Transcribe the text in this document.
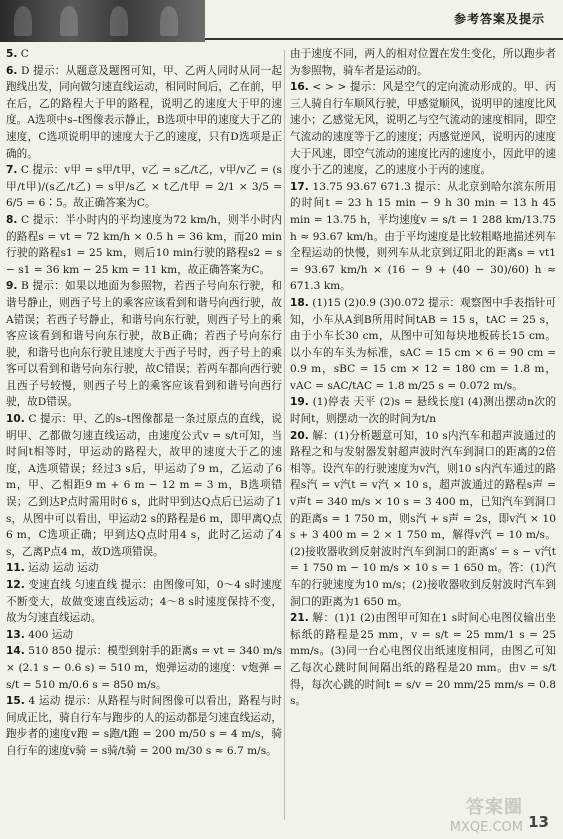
参考答案及提示
5. C
6. D 提示：从题意及题图可知，甲、乙两人同时从同一起跑线出发，同向做匀速直线运动，相同时间后，乙在前，甲在后，乙的路程大于甲的路程，说明乙的速度大于甲的速度。A选项中s–t图像表示静止，B选项中甲的速度大于乙的速度，C选项说明甲的速度大于乙的速度，只有D选项是正确的。
7. C 提示：v甲 = s甲/t甲，v乙 = s乙/t乙，v甲/v乙 = (s甲/t甲)/(s乙/t乙) = s甲/s乙 × t乙/t甲 = 2/1 × 3/5 = 6/5 = 6∶5。故正确答案为C。
8. C 提示：半小时内的平均速度为72 km/h，则半小时内的路程s = vt = 72 km/h × 0.5 h = 36 km，而20 min行驶的路程s1 = 25 km，则后10 min行驶的路程s2 = s − s1 = 36 km − 25 km = 11 km，故正确答案为C。
9. B 提示：如果以地面为参照物，若西子号向东行驶，和谐号静止，则西子号上的乘客应该看到和谐号向西行驶，故A错误；若西子号静止，和谐号向东行驶，则西子号上的乘客应该看到和谐号向东行驶，故B正确；若西子号向东行驶，和谐号也向东行驶且速度大于西子号时，西子号上的乘客可以看到和谐号向东行驶，故C错误；若两车都向西行驶且西子号较慢，则西子号上的乘客应该看到和谐号向西行驶，故D错误。
10. C 提示：甲、乙的s–t图像都是一条过原点的直线，说明甲、乙都做匀速直线运动，由速度公式v = s/t可知，当时间t相等时，甲运动的路程大，故甲的速度大于乙的速度，A选项错误；经过3 s后，甲运动了9 m，乙运动了6 m，甲、乙相距9 m + 6 m − 12 m = 3 m，B选项错误；乙到达P点时需用时6 s，此时甲到达Q点后已运动了1 s，从图中可以看出，甲运动2 s的路程是6 m，即甲离Q点6 m，C选项正确；甲到达Q点时用4 s，此时乙运动了4 s，乙离P点4 m，故D选项错误。
11. 运动 运动 运动
12. 变速直线 匀速直线 提示：由图像可知，0～4 s时速度不断变大，故做变速直线运动；4～8 s时速度保持不变，故为匀速直线运动。
13. 400 运动
14. 510 850 提示：模型到射手的距离s = vt = 340 m/s × (2.1 s − 0.6 s) = 510 m，炮弹运动的速度：v炮弹 = s/t = 510 m/0.6 s = 850 m/s。
15. 4 运动 提示：从路程与时间图像可以看出，路程与时间成正比，骑自行车与跑步的人的运动都是匀速直线运动，跑步者的速度v跑 = s跑/t跑 = 200 m/50 s = 4 m/s，骑自行车的速度v骑 = s骑/t骑 = 200 m/30 s ≈ 6.7 m/s。
由于速度不同，两人的相对位置在发生变化，所以跑步者为参照物，骑车者是运动的。
16. < > > 提示：风是空气的定向流动形成的。甲、丙三人骑自行车顺风行驶，甲感觉顺风，说明甲的速度比风速小；乙感觉无风，说明乙与空气流动的速度相同，即空气流动的速度等于乙的速度；丙感觉逆风，说明丙的速度大于风速，即空气流动的速度比丙的速度小，因此甲的速度小于乙的速度，乙的速度小于丙的速度。
17. 13.75 93.67 671.3 提示：从北京到哈尔滨东所用的时间t = 23 h 15 min − 9 h 30 min = 13 h 45 min = 13.75 h，平均速度v = s/t = 1 288 km/13.75 h ≈ 93.67 km/h。由于平均速度是比较粗略地描述列车全程运动的快慢，则列车从北京到辽阳北的距离s = vt1 = 93.67 km/h × (16 − 9 + (40 − 30)/60) h ≈ 671.3 km。
18. (1)15 (2)0.9 (3)0.072 提示：观察图中手表指针可知，小车从A到B所用时间tAB = 15 s，tAC = 25 s，由于小车长30 cm，从图中可知每块地板砖长15 cm。以小车的车头为标准，sAC = 15 cm × 6 = 90 cm = 0.9 m，sBC = 15 cm × 12 = 180 cm = 1.8 m，vAC = sAC/tAC = 1.8 m/25 s = 0.072 m/s。
19. (1)停表 天平 (2)s = 悬线长度l (4)测出摆动n次的时间t，则摆动一次的时间为t/n
20. 解：(1)分析题意可知，10 s内汽车和超声波通过的路程之和与发射器发射超声波时汽车到洞口的距离的2倍相等。设汽车的行驶速度为v汽，则10 s内汽车通过的路程s汽 = v汽t = v汽 × 10 s，超声波通过的路程s声 = v声t = 340 m/s × 10 s = 3 400 m，已知汽车到洞口的距离s = 1 750 m，则s汽 + s声 = 2s，即v汽 × 10 s + 3 400 m = 2 × 1 750 m，解得v汽 = 10 m/s。(2)接收器收到反射波时汽车到洞口的距离s′ = s − v汽t = 1 750 m − 10 m/s × 10 s = 1 650 m。答：(1)汽车的行驶速度为10 m/s；(2)接收器收到反射波时汽车到洞口的距离为1 650 m。
21. 解：(1)1 (2)由图甲可知在1 s时间心电图仪输出坐标纸的路程是25 mm，v = s/t = 25 mm/1 s = 25 mm/s。(3)同一台心电图仪出纸速度相同，由图乙可知乙每次心跳时间间隔出纸的路程是20 mm。由v = s/t得，每次心跳的时间t = s/v = 20 mm/25 mm/s = 0.8 s。
答案圈
MXQE.COM 13
